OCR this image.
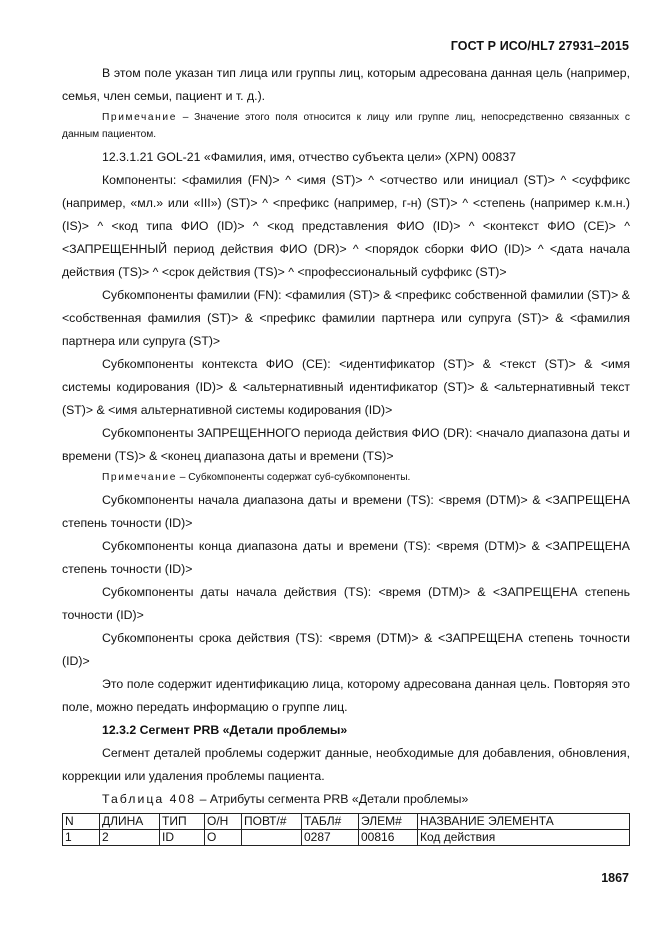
ГОСТ Р ИСО/HL7 27931–2015

В этом поле указан тип лица или группы лиц, которым адресована данная цель (например, семья, член семьи, пациент и т. д.).

Примечание – Значение этого поля относится к лицу или группе лиц, непосредственно связанных с данным пациентом.

12.3.1.21 GOL-21 «Фамилия, имя, отчество субъекта цели» (XPN) 00837

Компоненты: <фамилия (FN)> ^ <имя (ST)> ^ <отчество или инициал (ST)> ^ <суффикс (например, «мл.» или «III») (ST)> ^ <префикс (например, г-н) (ST)> ^ <степень (например к.м.н.) (IS)> ^ <код типа ФИО (ID)> ^ <код представления ФИО (ID)> ^ <контекст ФИО (CE)> ^ <ЗАПРЕЩЕННЫЙ период действия ФИО (DR)> ^ <порядок сборки ФИО (ID)> ^ <дата начала действия (TS)> ^ <срок действия (TS)> ^ <профессиональный суффикс (ST)>

Субкомпоненты фамилии (FN): <фамилия (ST)> & <префикс собственной фамилии (ST)> & <собственная фамилия (ST)> & <префикс фамилии партнера или супруга (ST)> & <фамилия партнера или супруга (ST)>

Субкомпоненты контекста ФИО (CE): <идентификатор (ST)> & <текст (ST)> & <имя системы кодирования (ID)> & <альтернативный идентификатор (ST)> & <альтернативный текст (ST)> & <имя альтернативной системы кодирования (ID)>

Субкомпоненты ЗАПРЕЩЕННОГО периода действия ФИО (DR): <начало диапазона даты и времени (TS)> & <конец диапазона даты и времени (TS)>

Примечание – Субкомпоненты содержат суб-субкомпоненты.

Субкомпоненты начала диапазона даты и времени (TS): <время (DTM)> & <ЗАПРЕЩЕНА степень точности (ID)>

Субкомпоненты конца диапазона даты и времени (TS): <время (DTM)> & <ЗАПРЕЩЕНА степень точности (ID)>

Субкомпоненты даты начала действия (TS): <время (DTM)> & <ЗАПРЕЩЕНА степень точности (ID)>

Субкомпоненты срока действия (TS): <время (DTM)> & <ЗАПРЕЩЕНА степень точности (ID)>

Это поле содержит идентификацию лица, которому адресована данная цель. Повторяя это поле, можно передать информацию о группе лиц.

12.3.2 Сегмент PRB «Детали проблемы»

Сегмент деталей проблемы содержит данные, необходимые для добавления, обновления, коррекции или удаления проблемы пациента.

Таблица 408 – Атрибуты сегмента PRB «Детали проблемы»

N	ДЛИНА	ТИП	О/Н	ПОВТ/#	ТАБЛ#	ЭЛЕМ#	НАЗВАНИЕ ЭЛЕМЕНТА
1	2	ID	О		0287	00816	Код действия
1867
